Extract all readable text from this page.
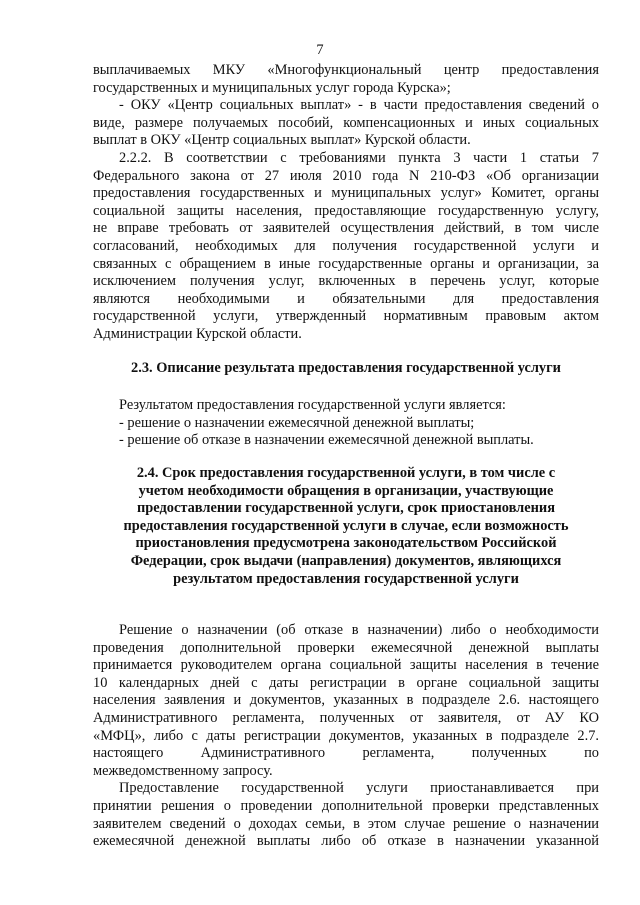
7

выплачиваемых МКУ «Многофункциональный центр предоставления

государственных и муниципальных услуг города Курска»;

- ОКУ «Центр социальных выплат» - в части предоставления сведений о

виде, размере получаемых пособий, компенсационных и иных социальных

выплат в ОКУ «Центр социальных выплат» Курской области.

2.2.2. В соответствии с требованиями пункта 3 части 1 статьи 7

Федерального закона от 27 июля 2010 года N 210-ФЗ «Об организации

предоставления государственных и муниципальных услуг» Комитет, органы

социальной защиты населения, предоставляющие государственную услугу,

не вправе требовать от заявителей осуществления действий, в том числе

согласований, необходимых для получения государственной услуги и

связанных с обращением в иные государственные органы и организации, за

исключением получения услуг, включенных в перечень услуг, которые

являются необходимыми и обязательными для предоставления

государственной услуги, утвержденный нормативным правовым актом

Администрации Курской области.

2.3. Описание результата предоставления государственной услуги

Результатом предоставления государственной услуги является:

- решение о назначении ежемесячной денежной выплаты;

- решение об отказе в назначении ежемесячной денежной выплаты.

2.4. Срок предоставления государственной услуги, в том числе с

учетом необходимости обращения в организации, участвующие

предоставлении государственной услуги, срок приостановления

предоставления государственной услуги в случае, если возможность

приостановления предусмотрена законодательством Российской

Федерации, срок выдачи (направления) документов, являющихся

результатом предоставления государственной услуги

Решение о назначении (об отказе в назначении) либо о необходимости

проведения дополнительной проверки ежемесячной денежной выплаты

принимается руководителем органа социальной защиты населения в течение

10 календарных дней с даты регистрации в органе социальной защиты

населения заявления и документов, указанных в подразделе 2.6. настоящего

Административного регламента, полученных от заявителя, от АУ КО

«МФЦ», либо с даты регистрации документов, указанных в подразделе 2.7.

настоящего Административного регламента, полученных по

межведомственному запросу.

Предоставление государственной услуги приостанавливается при

принятии решения о проведении дополнительной проверки представленных

заявителем сведений о доходах семьи, в этом случае решение о назначении

ежемесячной денежной выплаты либо об отказе в назначении указанной
